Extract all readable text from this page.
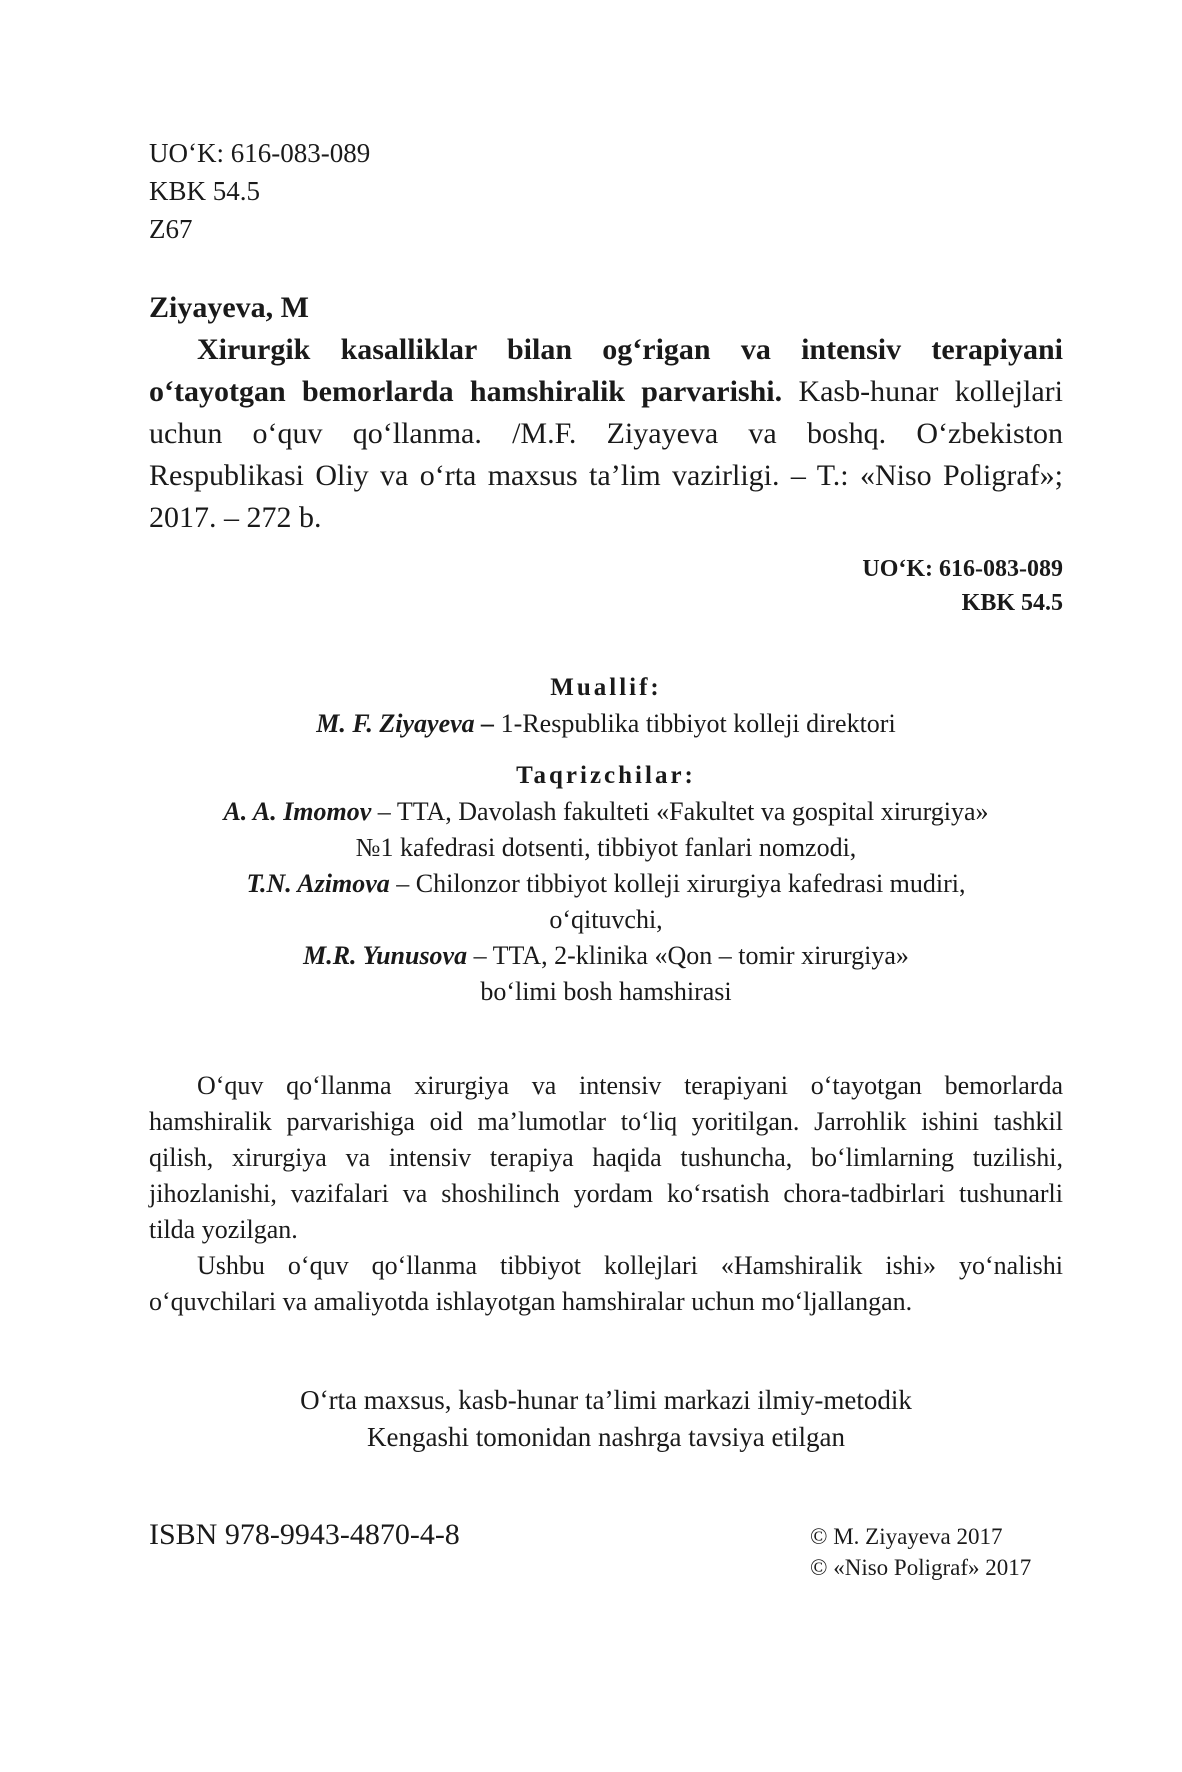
UO‘K: 616-083-089
KBK 54.5
Z67
Ziyayeva, M
Xirurgik kasalliklar bilan og‘rigan va intensiv terapiyani o‘tayotgan bemorlarda hamshiralik parvarishi. Kasb-hunar kollejlari uchun o‘quv qo‘llanma. /M.F. Ziyayeva va boshq. O‘zbekiston Respublikasi Oliy va o‘rta maxsus ta’lim vazirligi. – T.: «Niso Poligraf»; 2017. – 272 b.
UO‘K: 616-083-089
KBK 54.5
Muallif:
M. F. Ziyayeva – 1-Respublika tibbiyot kolleji direktori
Taqrizchilar:
A. A. Imomov – TTA, Davolash fakulteti «Fakultet va gospital xirurgiya»
№1 kafedrasi dotsenti, tibbiyot fanlari nomzodi,
T.N. Azimova – Chilonzor tibbiyot kolleji xirurgiya kafedrasi mudiri,
o‘qituvchi,
M.R. Yunusova – TTA, 2-klinika «Qon – tomir xirurgiya»
bo‘limi bosh hamshirasi

O‘quv qo‘llanma xirurgiya va intensiv terapiyani o‘tayotgan bemorlarda hamshiralik parvarishiga oid ma’lumotlar to‘liq yoritilgan. Jarrohlik ishini tashkil qilish, xirurgiya va intensiv terapiya haqida tushuncha, bo‘limlarning tuzilishi, jihozlanishi, vazifalari va shoshilinch yordam ko‘rsatish chora-tadbirlari tushunarli tilda yozilgan.

Ushbu o‘quv qo‘llanma tibbiyot kollejlari «Hamshiralik ishi» yo‘nalishi o‘quvchilari va amaliyotda ishlayotgan hamshiralar uchun mo‘ljallangan.

O‘rta maxsus, kasb-hunar ta’limi markazi ilmiy-metodik
Kengashi tomonidan nashrga tavsiya etilgan
ISBN 978-9943-4870-4-8	© M. Ziyayeva 2017
© «Niso Poligraf» 2017
